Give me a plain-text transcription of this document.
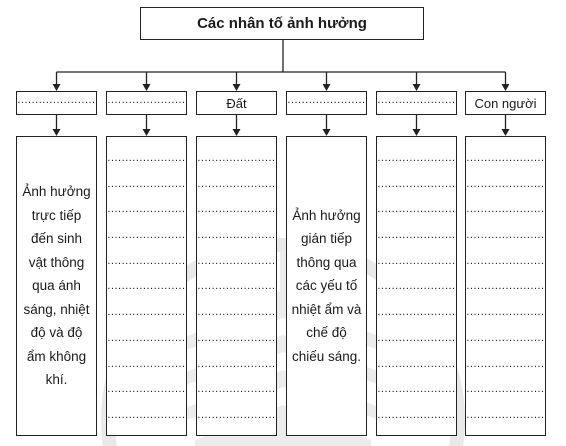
Các nhân tố ảnh hưởng
......................
Ảnh hưởng trực tiếp đến sinh vật thông qua ánh sáng, nhiệt độ và độ ẩm không khí.
......................
......................
......................
......................
......................
......................
......................
......................
......................
......................
......................
......................
Đất
......................
......................
......................
......................
......................
......................
......................
......................
......................
......................
......................
......................
Ảnh hưởng gián tiếp thông qua các yếu tố nhiệt ẩm và chế độ chiếu sáng.
......................
......................
......................
......................
......................
......................
......................
......................
......................
......................
......................
......................
Con người
......................
......................
......................
......................
......................
......................
......................
......................
......................
......................
......................
